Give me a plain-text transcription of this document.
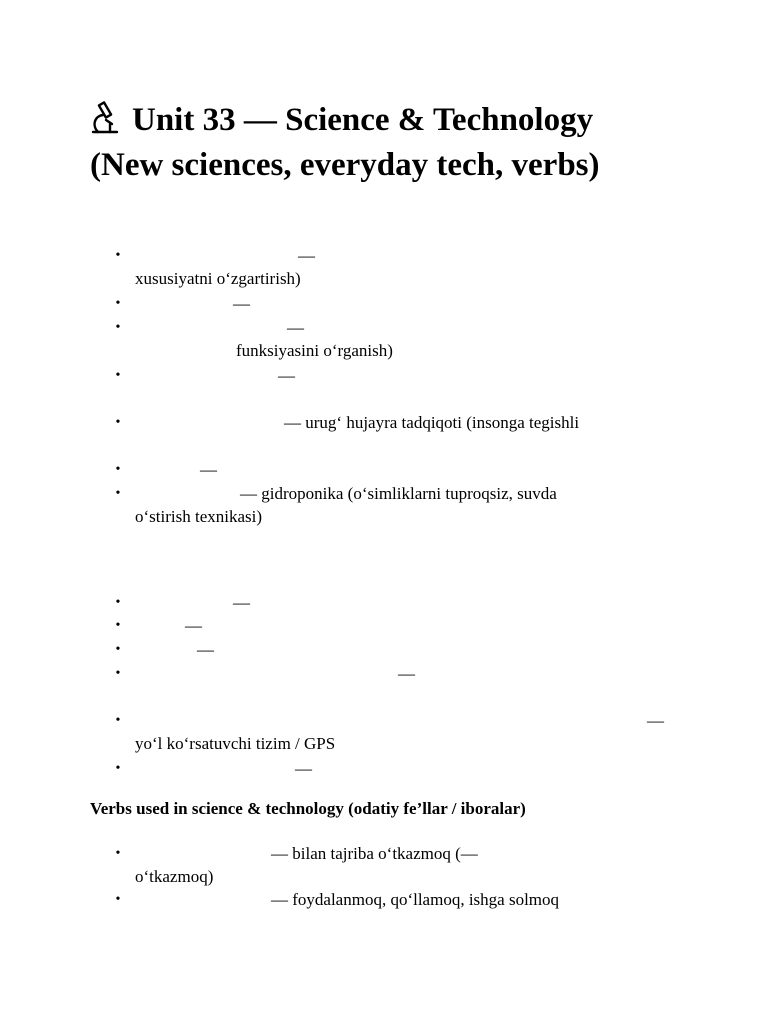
Unit 33 — Science & Technology
(New sciences, everyday tech, verbs)
•	—
xususiyatni o‘zgartirish)
•	—
•	—
funksiyasini o‘rganish)
•	—
•	— urug‘ hujayra tadqiqoti (insonga tegishli
•	—
•	— gidroponika (o‘simliklarni tuproqsiz, suvda
o‘stirish texnikasi)
•	—
•	—
•	—
•	—
•	—
yo‘l ko‘rsatuvchi tizim / GPS
•	—
Verbs used in science & technology (odatiy fe’llar / iboralar)
•	— bilan tajriba o‘tkazmoq (—
o‘tkazmoq)
•	— foydalanmoq, qo‘llamoq, ishga solmoq
